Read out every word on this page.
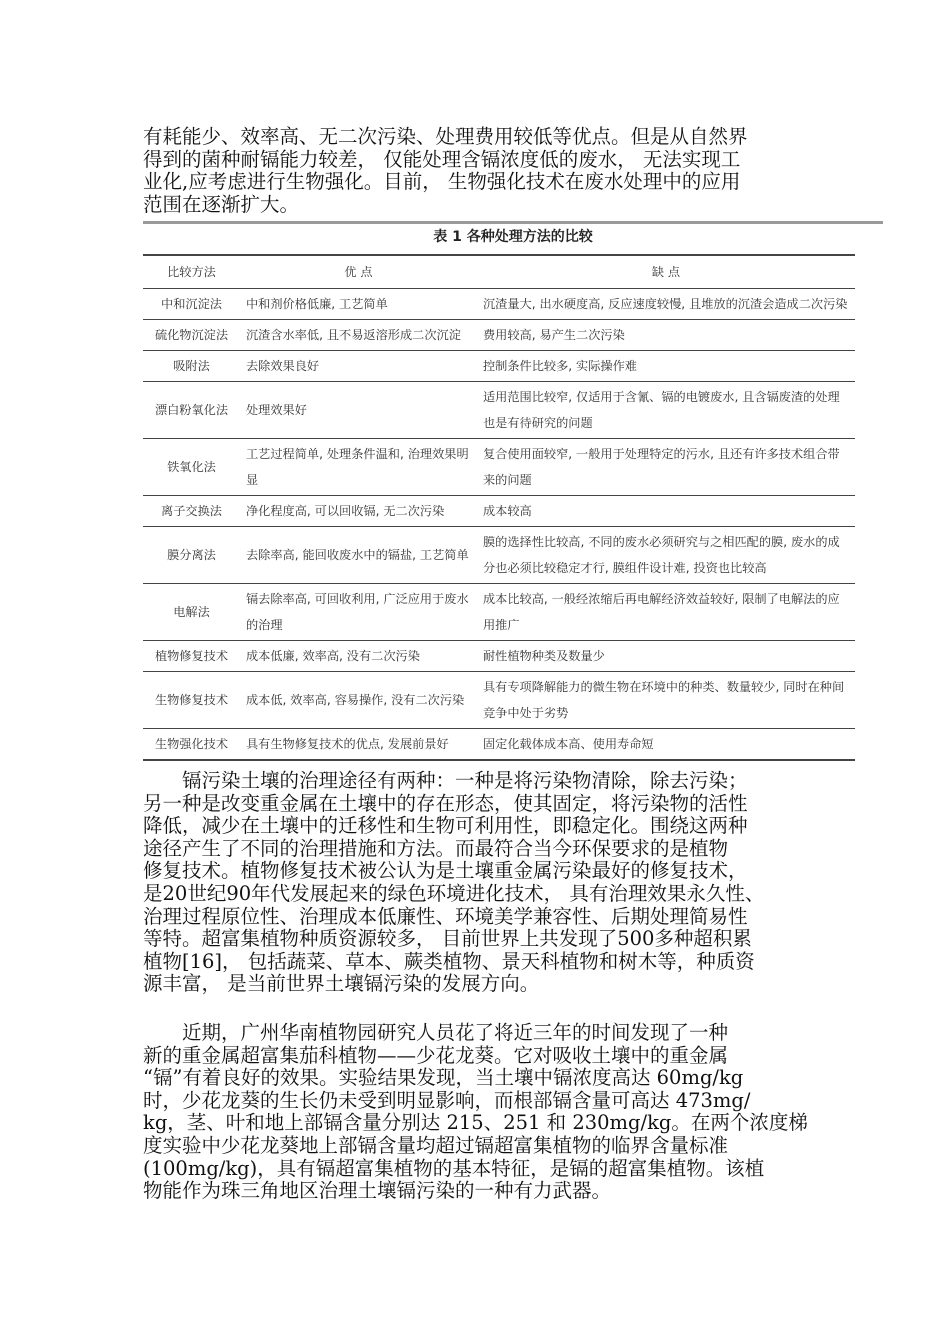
有耗能少、效率高、无二次污染、处理费用较低等优点。但是从自然界
得到的菌种耐镉能力较差， 仅能处理含镉浓度低的废水， 无法实现工
业化,应考虑进行生物强化。目前， 生物强化技术在废水处理中的应用
范围在逐渐扩大。
表 1 各种处理方法的比较
比较方法	优 点	缺 点
中和沉淀法	中和剂价格低廉, 工艺简单	沉渣量大, 出水硬度高, 反应速度较慢, 且堆放的沉渣会造成二次污染
硫化物沉淀法	沉渣含水率低, 且不易返溶形成二次沉淀	费用较高, 易产生二次污染
吸附法	去除效果良好	控制条件比较多, 实际操作难
漂白粉氧化法	处理效果好	适用范围比较窄, 仅适用于含氰、镉的电镀废水, 且含镉废渣的处理也是有待研究的问题
铁氧化法	工艺过程简单, 处理条件温和, 治理效果明显	复合使用面较窄, 一般用于处理特定的污水, 且还有许多技术组合带来的问题
离子交换法	净化程度高, 可以回收镉, 无二次污染	成本较高
膜分离法	去除率高, 能回收废水中的镉盐, 工艺简单	膜的选择性比较高, 不同的废水必须研究与之相匹配的膜, 废水的成分也必须比较稳定才行, 膜组件设计难, 投资也比较高
电解法	镉去除率高, 可回收利用, 广泛应用于废水的治理	成本比较高, 一般经浓缩后再电解经济效益较好, 限制了电解法的应用推广
植物修复技术	成本低廉, 效率高, 没有二次污染	耐性植物种类及数量少
生物修复技术	成本低, 效率高, 容易操作, 没有二次污染	具有专项降解能力的微生物在环境中的种类、数量较少, 同时在种间竞争中处于劣势
生物强化技术	具有生物修复技术的优点, 发展前景好	固定化载体成本高、使用寿命短
　　镉污染土壤的治理途径有两种：一种是将污染物清除，除去污染；
另一种是改变重金属在土壤中的存在形态，使其固定，将污染物的活性
降低，减少在土壤中的迁移性和生物可利用性，即稳定化。围绕这两种
途径产生了不同的治理措施和方法。而最符合当今环保要求的是植物
修复技术。植物修复技术被公认为是土壤重金属污染最好的修复技术，
是20世纪90年代发展起来的绿色环境进化技术， 具有治理效果永久性、
治理过程原位性、治理成本低廉性、环境美学兼容性、后期处理简易性
等特。超富集植物种质资源较多， 目前世界上共发现了500多种超积累
植物[16]， 包括蔬菜、草本、蕨类植物、景天科植物和树木等，种质资
源丰富， 是当前世界土壤镉污染的发展方向。
　　近期，广州华南植物园研究人员花了将近三年的时间发现了一种
新的重金属超富集茄科植物——少花龙葵。它对吸收土壤中的重金属
“镉”有着良好的效果。实验结果发现，当土壤中镉浓度高达 60mg/kg
时，少花龙葵的生长仍未受到明显影响，而根部镉含量可高达 473mg/
kg，茎、叶和地上部镉含量分别达 215、251 和 230mg/kg。在两个浓度梯
度实验中少花龙葵地上部镉含量均超过镉超富集植物的临界含量标准
(100mg/kg)，具有镉超富集植物的基本特征，是镉的超富集植物。该植
物能作为珠三角地区治理土壤镉污染的一种有力武器。
